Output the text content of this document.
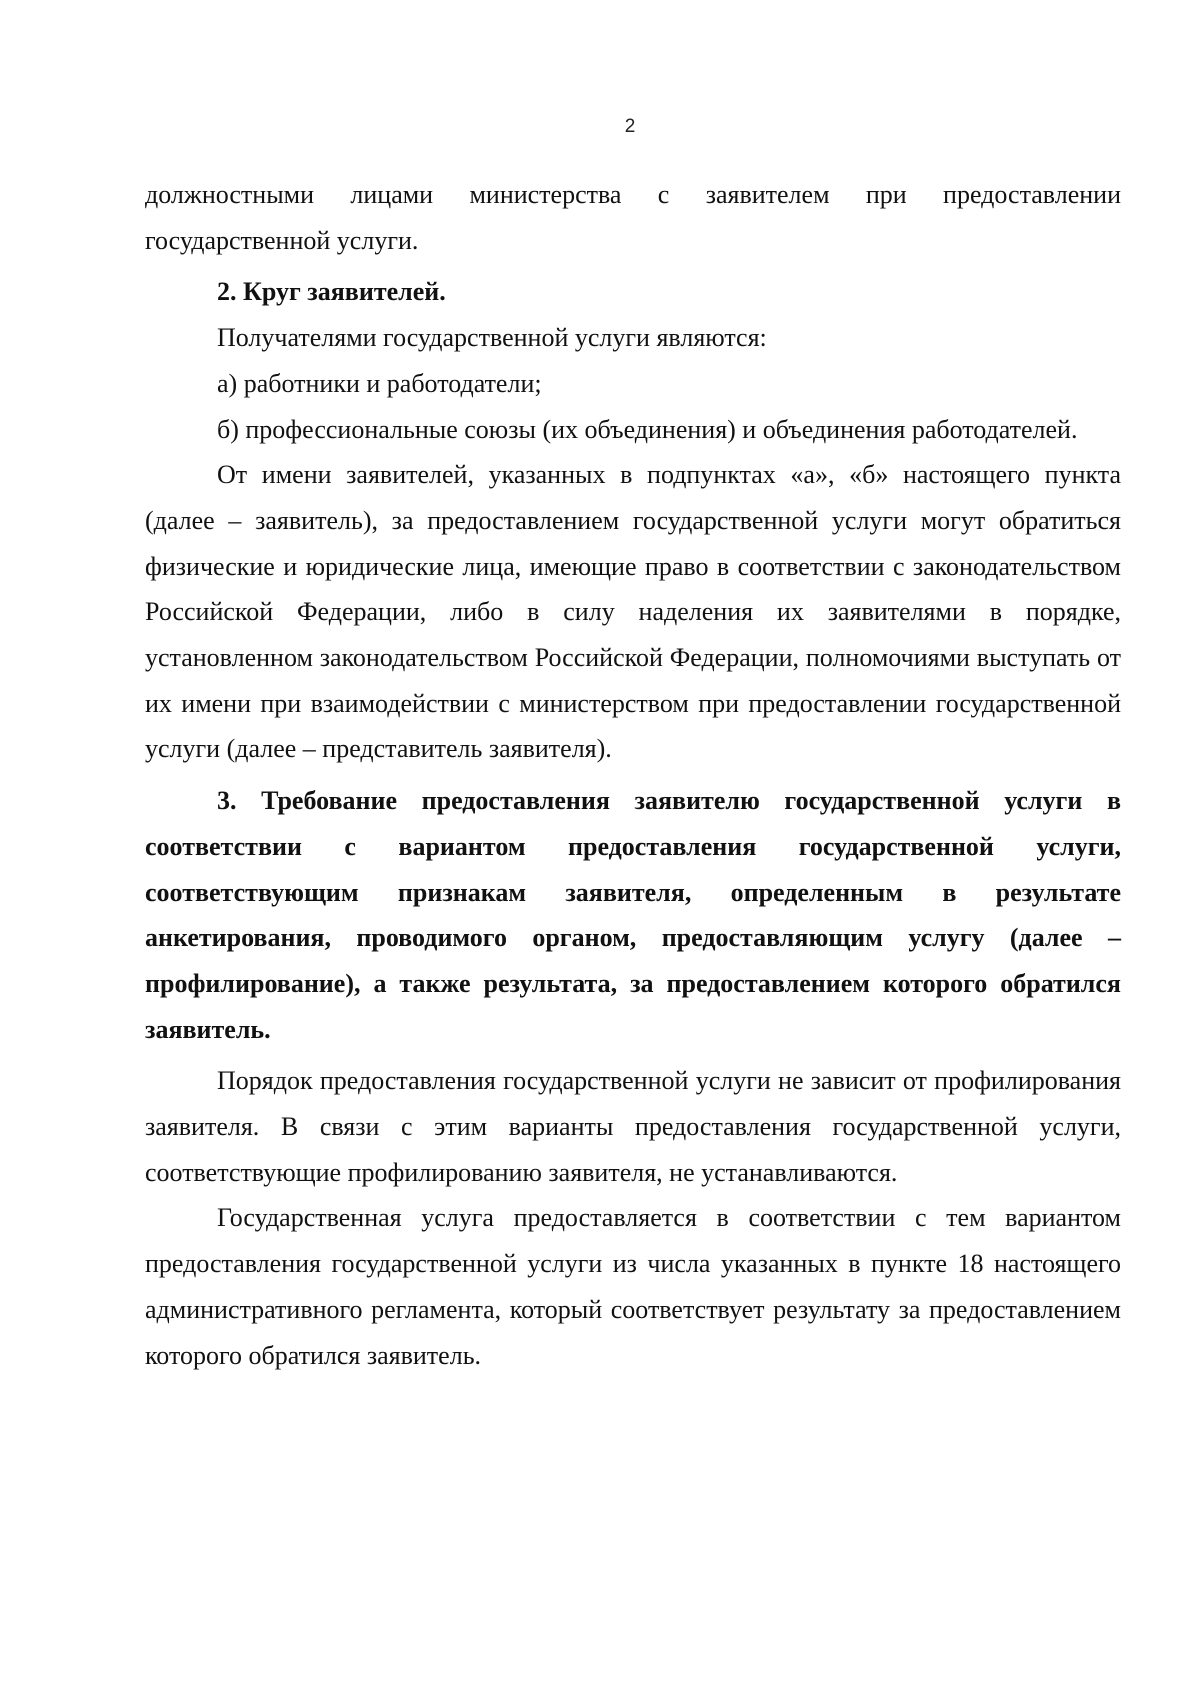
2

должностными лицами министерства с заявителем при предоставлении государственной услуги.

2. Круг заявителей.

Получателями государственной услуги являются:

а) работники и работодатели;

б) профессиональные союзы (их объединения) и объединения работодателей.

От имени заявителей, указанных в подпунктах «а», «б» настоящего пункта (далее – заявитель), за предоставлением государственной услуги могут обратиться физические и юридические лица, имеющие право в соответствии с законодательством Российской Федерации, либо в силу наделения их заявителями в порядке, установленном законодательством Российской Федерации, полномочиями выступать от их имени при взаимодействии с министерством при предоставлении государственной услуги (далее – представитель заявителя).

3. Требование предоставления заявителю государственной услуги в соответствии с вариантом предоставления государственной услуги, соответствующим признакам заявителя, определенным в результате анкетирования, проводимого органом, предоставляющим услугу (далее – профилирование), а также результата, за предоставлением которого обратился заявитель.

Порядок предоставления государственной услуги не зависит от профилирования заявителя. В связи с этим варианты предоставления государственной услуги, соответствующие профилированию заявителя, не устанавливаются.

Государственная услуга предоставляется в соответствии с тем вариантом предоставления государственной услуги из числа указанных в пункте 18 настоящего административного регламента, который соответствует результату за предоставлением которого обратился заявитель.
